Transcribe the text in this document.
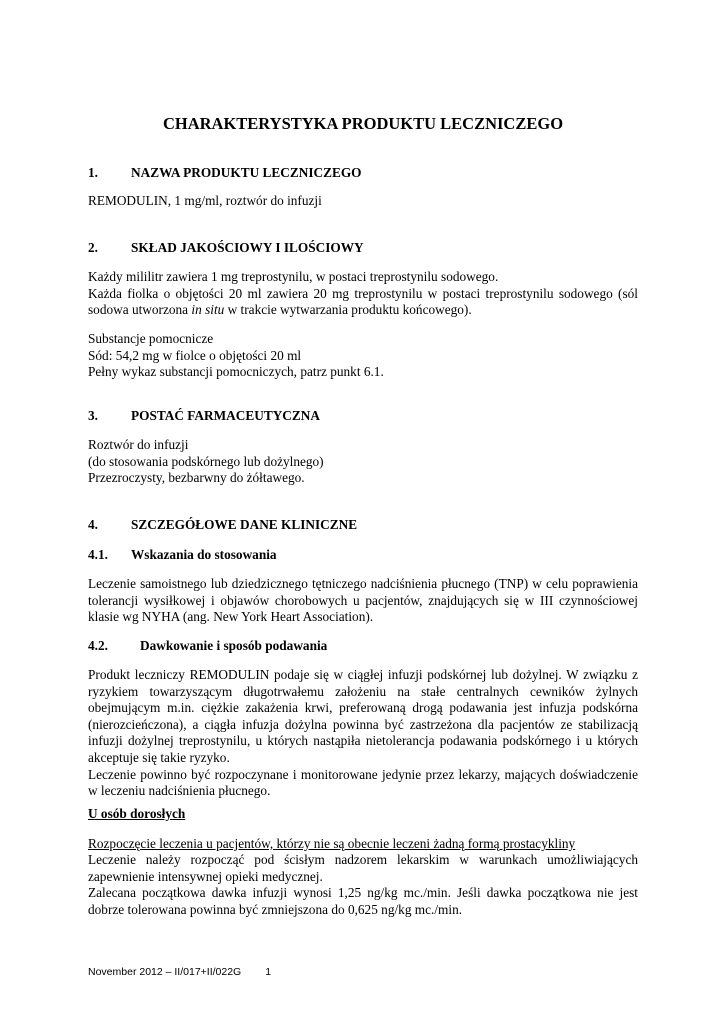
CHARAKTERYSTYKA PRODUKTU LECZNICZEGO
1. NAZWA PRODUKTU LECZNICZEGO
REMODULIN, 1 mg/ml, roztwór do infuzji
2. SKŁAD JAKOŚCIOWY I ILOŚCIOWY
Każdy mililitr zawiera 1 mg treprostynilu, w postaci treprostynilu sodowego.
Każda fiolka o objętości 20 ml zawiera 20 mg treprostynilu w postaci treprostynilu sodowego (sól
sodowa utworzona in situ w trakcie wytwarzania produktu końcowego).
Substancje pomocnicze
Sód: 54,2 mg w fiolce o objętości 20 ml
Pełny wykaz substancji pomocniczych, patrz punkt 6.1.
3. POSTAĆ FARMACEUTYCZNA
Roztwór do infuzji
(do stosowania podskórnego lub dożylnego)
Przezroczysty, bezbarwny do żółtawego.
4. SZCZEGÓŁOWE DANE KLINICZNE
4.1. Wskazania do stosowania
Leczenie samoistnego lub dziedzicznego tętniczego nadciśnienia płucnego (TNP) w celu poprawienia
tolerancji wysiłkowej i objawów chorobowych u pacjentów, znajdujących się w III czynnościowej
klasie wg NYHA (ang. New York Heart Association).
4.2. Dawkowanie i sposób podawania
Produkt leczniczy REMODULIN podaje się w ciągłej infuzji podskórnej lub dożylnej. W związku z
ryzykiem towarzyszącym długotrwałemu założeniu na stałe centralnych cewników żylnych
obejmującym m.in. ciężkie zakażenia krwi, preferowaną drogą podawania jest infuzja podskórna
(nierozcieńczona), a ciągła infuzja dożylna powinna być zastrzeżona dla pacjentów ze stabilizacją
infuzji dożylnej treprostynilu, u których nastąpiła nietolerancja podawania podskórnego i u których
akceptuje się takie ryzyko.
Leczenie powinno być rozpoczynane i monitorowane jedynie przez lekarzy, mających doświadczenie
w leczeniu nadciśnienia płucnego.
U osób dorosłych
Rozpoczęcie leczenia u pacjentów, którzy nie są obecnie leczeni żadną formą prostacykliny
Leczenie należy rozpocząć pod ścisłym nadzorem lekarskim w warunkach umożliwiających
zapewnienie intensywnej opieki medycznej.
Zalecana początkowa dawka infuzji wynosi 1,25 ng/kg mc./min. Jeśli dawka początkowa nie jest
dobrze tolerowana powinna być zmniejszona do 0,625 ng/kg mc./min.
November 2012 – II/017+II/022G 1
